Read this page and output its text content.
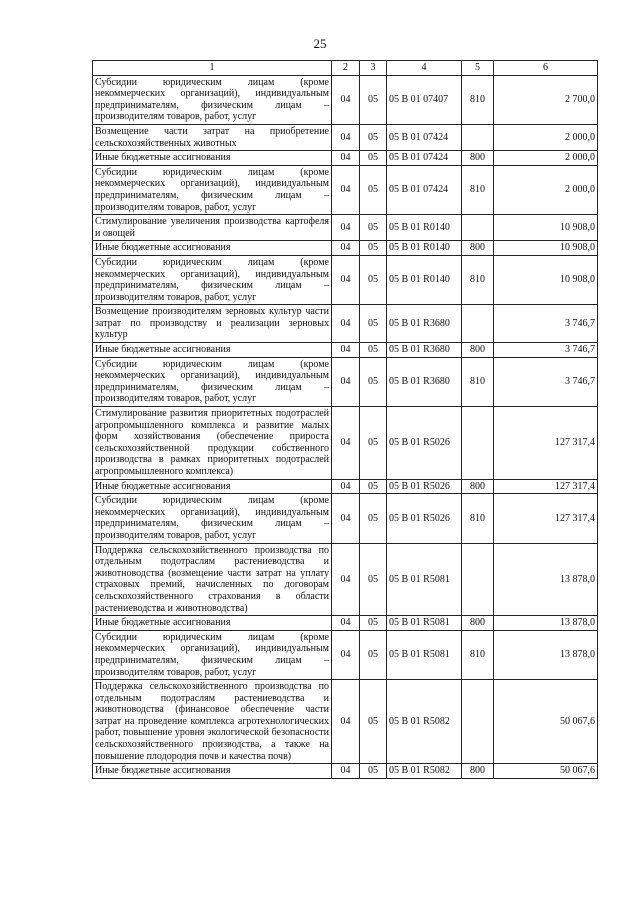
25
1	2	3	4	5	6
Субсидии юридическим лицам (кроме некоммерческих организаций), индивидуальным предпринимателям, физическим лицам – производителям товаров, работ, услуг	04	05	05 В 01 07407	810	2 700,0
Возмещение части затрат на приобретение сельскохозяйственных животных	04	05	05 В 01 07424		2 000,0
Иные бюджетные ассигнования	04	05	05 В 01 07424	800	2 000,0
Субсидии юридическим лицам (кроме некоммерческих организаций), индивидуальным предпринимателям, физическим лицам – производителям товаров, работ, услуг	04	05	05 В 01 07424	810	2 000,0
Стимулирование увеличения производства картофеля и овощей	04	05	05 В 01 R0140		10 908,0
Иные бюджетные ассигнования	04	05	05 В 01 R0140	800	10 908,0
Субсидии юридическим лицам (кроме некоммерческих организаций), индивидуальным предпринимателям, физическим лицам – производителям товаров, работ, услуг	04	05	05 В 01 R0140	810	10 908,0
Возмещение производителям зерновых культур части затрат по производству и реализации зерновых культур	04	05	05 В 01 R3680		3 746,7
Иные бюджетные ассигнования	04	05	05 В 01 R3680	800	3 746,7
Субсидии юридическим лицам (кроме некоммерческих организаций), индивидуальным предпринимателям, физическим лицам – производителям товаров, работ, услуг	04	05	05 В 01 R3680	810	3 746,7
Стимулирование развития приоритетных подотраслей агропромышленного комплекса и развитие малых форм хозяйствования (обеспечение прироста сельскохозяйственной продукции собственного производства в рамках приоритетных подотраслей агропромышленного комплекса)	04	05	05 В 01 R5026		127 317,4
Иные бюджетные ассигнования	04	05	05 В 01 R5026	800	127 317,4
Субсидии юридическим лицам (кроме некоммерческих организаций), индивидуальным предпринимателям, физическим лицам – производителям товаров, работ, услуг	04	05	05 В 01 R5026	810	127 317,4
Поддержка сельскохозяйственного производства по отдельным подотраслям растениеводства и животноводства (возмещение части затрат на уплату страховых премий, начисленных по договорам сельскохозяйственного страхования в области растениеводства и животноводства)	04	05	05 В 01 R5081		13 878,0
Иные бюджетные ассигнования	04	05	05 В 01 R5081	800	13 878,0
Субсидии юридическим лицам (кроме некоммерческих организаций), индивидуальным предпринимателям, физическим лицам – производителям товаров, работ, услуг	04	05	05 В 01 R5081	810	13 878,0
Поддержка сельскохозяйственного производства по отдельным подотраслям растениеводства и животноводства (финансовое обеспечение части затрат на проведение комплекса агротехнологических работ, повышение уровня экологической безопасности сельскохозяйственного производства, а также на повышение плодородия почв и качества почв)	04	05	05 В 01 R5082		50 067,6
Иные бюджетные ассигнования	04	05	05 В 01 R5082	800	50 067,6
